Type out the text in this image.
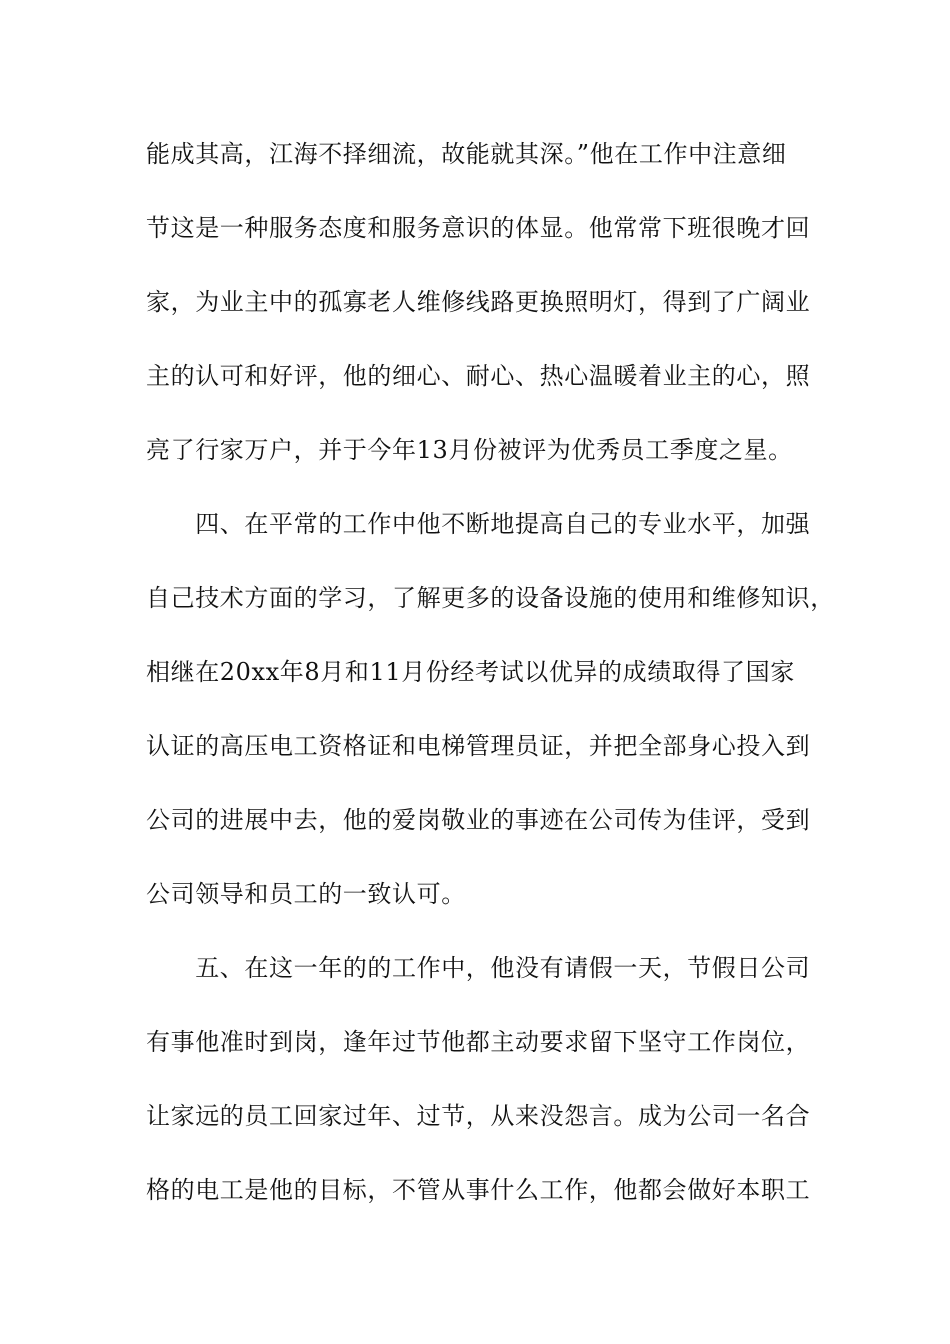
能成其高，江海不择细流，故能就其深。”他在工作中注意细
节这是一种服务态度和服务意识的体显。他常常下班很晚才回
家，为业主中的孤寡老人维修线路更换照明灯，得到了广阔业
主的认可和好评，他的细心、耐心、热心温暖着业主的心，照
亮了行家万户，并于今年13月份被评为优秀员工季度之星。
　　四、在平常的工作中他不断地提高自己的专业水平，加强
自己技术方面的学习，了解更多的设备设施的使用和维修知识，
相继在20xx年8月和11月份经考试以优异的成绩取得了国家
认证的高压电工资格证和电梯管理员证，并把全部身心投入到
公司的进展中去，他的爱岗敬业的事迹在公司传为佳评，受到
公司领导和员工的一致认可。
　　五、在这一年的的工作中，他没有请假一天，节假日公司
有事他准时到岗，逢年过节他都主动要求留下坚守工作岗位，
让家远的员工回家过年、过节，从来没怨言。成为公司一名合
格的电工是他的目标，不管从事什么工作，他都会做好本职工
